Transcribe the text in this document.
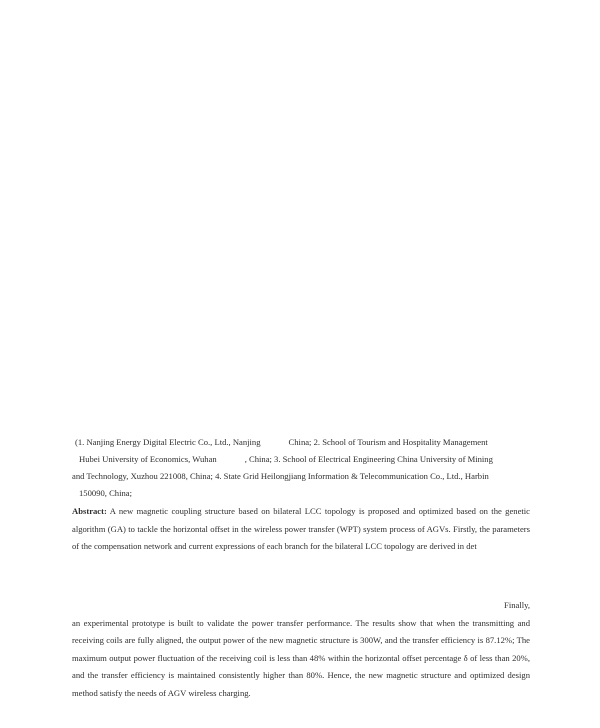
(1. Nanjing Energy Digital Electric Co., Ltd., Nanjing	China; 2. School of Tourism and Hospitality Management
Hubei University of Economics, Wuhan	, China; 3. School of Electrical Engineering China University of Mining
and Technology, Xuzhou 221008, China; 4. State Grid Heilongjiang Information & Telecommunication Co., Ltd., Harbin
150090, China;
Abstract: A new magnetic coupling structure based on bilateral LCC topology is proposed and optimized based on the genetic algorithm (GA) to tackle the horizontal offset in the wireless power transfer (WPT) system process of AGVs. Firstly, the parameters of the compensation network and current expressions of each branch for the bilateral LCC topology are derived in det
Finally,
an experimental prototype is built to validate the power transfer performance. The results show that when the transmitting and receiving coils are fully aligned, the output power of the new magnetic structure is 300W, and the transfer efficiency is 87.12%; The maximum output power fluctuation of the receiving coil is less than 48% within the horizontal offset percentage δ of less than 20%, and the transfer efficiency is maintained consistently higher than 80%. Hence, the new magnetic structure and optimized design method satisfy the needs of AGV wireless charging.
